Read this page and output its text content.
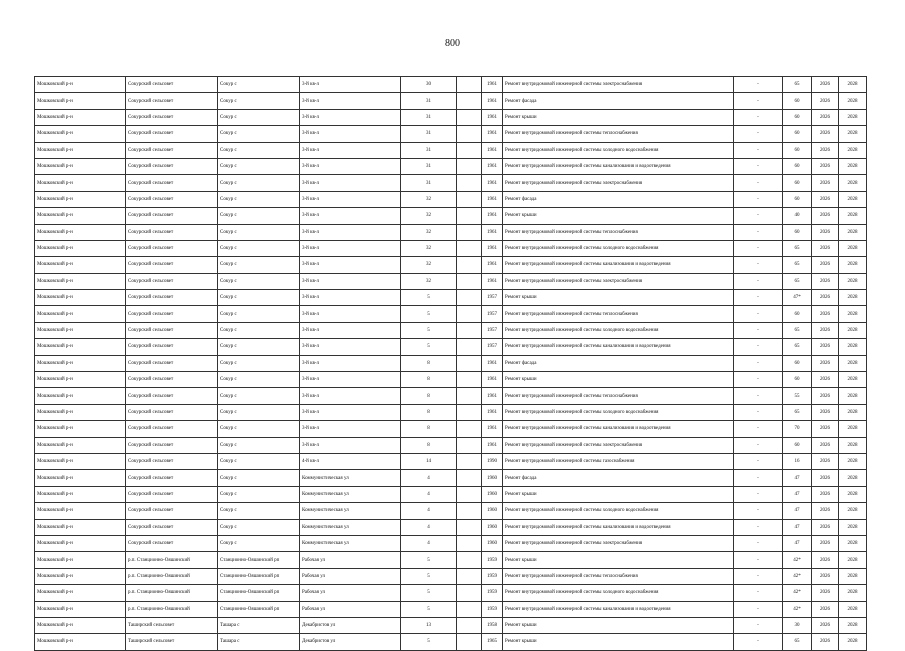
800
Мошковский р-н	Сокурский сельсовет	Сокур с	3-й кв-л	30		1961	Ремонт внутридомовой инженерной системы электроснабжения	-	65	2026	2028
Мошковский р-н	Сокурский сельсовет	Сокур с	3-й кв-л	31		1961	Ремонт фасада	-	60	2026	2028
Мошковский р-н	Сокурский сельсовет	Сокур с	3-й кв-л	31		1961	Ремонт крыши	-	60	2026	2028
Мошковский р-н	Сокурский сельсовет	Сокур с	3-й кв-л	31		1961	Ремонт внутридомовой инженерной системы теплоснабжения	-	60	2026	2028
Мошковский р-н	Сокурский сельсовет	Сокур с	3-й кв-л	31		1961	Ремонт внутридомовой инженерной системы холодного водоснабжения	-	60	2026	2028
Мошковский р-н	Сокурский сельсовет	Сокур с	3-й кв-л	31		1961	Ремонт внутридомовой инженерной системы канализования и водоотведения	-	60	2026	2028
Мошковский р-н	Сокурский сельсовет	Сокур с	3-й кв-л	31		1961	Ремонт внутридомовой инженерной системы электроснабжения	-	60	2026	2028
Мошковский р-н	Сокурский сельсовет	Сокур с	3-й кв-л	32		1961	Ремонт фасада	-	60	2026	2028
Мошковский р-н	Сокурский сельсовет	Сокур с	3-й кв-л	32		1961	Ремонт крыши	-	40	2026	2028
Мошковский р-н	Сокурский сельсовет	Сокур с	3-й кв-л	32		1961	Ремонт внутридомовой инженерной системы теплоснабжения	-	60	2026	2028
Мошковский р-н	Сокурский сельсовет	Сокур с	3-й кв-л	32		1961	Ремонт внутридомовой инженерной системы холодного водоснабжения	-	65	2026	2028
Мошковский р-н	Сокурский сельсовет	Сокур с	3-й кв-л	32		1961	Ремонт внутридомовой инженерной системы канализования и водоотведения	-	65	2026	2028
Мошковский р-н	Сокурский сельсовет	Сокур с	3-й кв-л	32		1961	Ремонт внутридомовой инженерной системы электроснабжения	-	65	2026	2028
Мошковский р-н	Сокурский сельсовет	Сокур с	3-й кв-л	5		1957	Ремонт крыши	-	47*	2026	2028
Мошковский р-н	Сокурский сельсовет	Сокур с	3-й кв-л	5		1957	Ремонт внутридомовой инженерной системы теплоснабжения	-	60	2026	2028
Мошковский р-н	Сокурский сельсовет	Сокур с	3-й кв-л	5		1957	Ремонт внутридомовой инженерной системы холодного водоснабжения	-	65	2026	2028
Мошковский р-н	Сокурский сельсовет	Сокур с	3-й кв-л	5		1957	Ремонт внутридомовой инженерной системы канализования и водоотведения	-	65	2026	2028
Мошковский р-н	Сокурский сельсовет	Сокур с	3-й кв-л	8		1961	Ремонт фасада	-	60	2026	2028
Мошковский р-н	Сокурский сельсовет	Сокур с	3-й кв-л	8		1961	Ремонт крыши	-	60	2026	2028
Мошковский р-н	Сокурский сельсовет	Сокур с	3-й кв-л	8		1961	Ремонт внутридомовой инженерной системы теплоснабжения	-	55	2026	2028
Мошковский р-н	Сокурский сельсовет	Сокур с	3-й кв-л	8		1961	Ремонт внутридомовой инженерной системы холодного водоснабжения	-	65	2026	2028
Мошковский р-н	Сокурский сельсовет	Сокур с	3-й кв-л	8		1961	Ремонт внутридомовой инженерной системы канализования и водоотведения	-	70	2026	2028
Мошковский р-н	Сокурский сельсовет	Сокур с	3-й кв-л	8		1961	Ремонт внутридомовой инженерной системы электроснабжения	-	60	2026	2028
Мошковский р-н	Сокурский сельсовет	Сокур с	4-й кв-л	14		1990	Ремонт внутридомовой инженерной системы газоснабжения	-	16	2026	2028
Мошковский р-н	Сокурский сельсовет	Сокур с	Коммунистическая ул	4		1960	Ремонт фасада	-	47	2026	2028
Мошковский р-н	Сокурский сельсовет	Сокур с	Коммунистическая ул	4		1960	Ремонт крыши	-	47	2026	2028
Мошковский р-н	Сокурский сельсовет	Сокур с	Коммунистическая ул	4		1960	Ремонт внутридомовой инженерной системы холодного водоснабжения	-	47	2026	2028
Мошковский р-н	Сокурский сельсовет	Сокур с	Коммунистическая ул	4		1960	Ремонт внутридомовой инженерной системы канализования и водоотведения	-	47	2026	2028
Мошковский р-н	Сокурский сельсовет	Сокур с	Коммунистическая ул	4		1960	Ремонт внутридомовой инженерной системы электроснабжения	-	47	2026	2028
Мошковский р-н	р.п. Станционно-Ояшинский	Станционно-Ояшинский рп	Рабочая ул	5		1959	Ремонт крыши	-	42*	2026	2028
Мошковский р-н	р.п. Станционно-Ояшинский	Станционно-Ояшинский рп	Рабочая ул	5		1959	Ремонт внутридомовой инженерной системы теплоснабжения	-	42*	2026	2028
Мошковский р-н	р.п. Станционно-Ояшинский	Станционно-Ояшинский рп	Рабочая ул	5		1959	Ремонт внутридомовой инженерной системы холодного водоснабжения	-	42*	2026	2028
Мошковский р-н	р.п. Станционно-Ояшинский	Станционно-Ояшинский рп	Рабочая ул	5		1959	Ремонт внутридомовой инженерной системы канализования и водоотведения	-	42*	2026	2028
Мошковский р-н	Таширский сельсовет	Ташара с	Декабристов ул	13		1958	Ремонт крыши	-	30	2026	2028
Мошковский р-н	Таширский сельсовет	Ташара с	Декабристов ул	5		1965	Ремонт крыши	-	65	2026	2028
